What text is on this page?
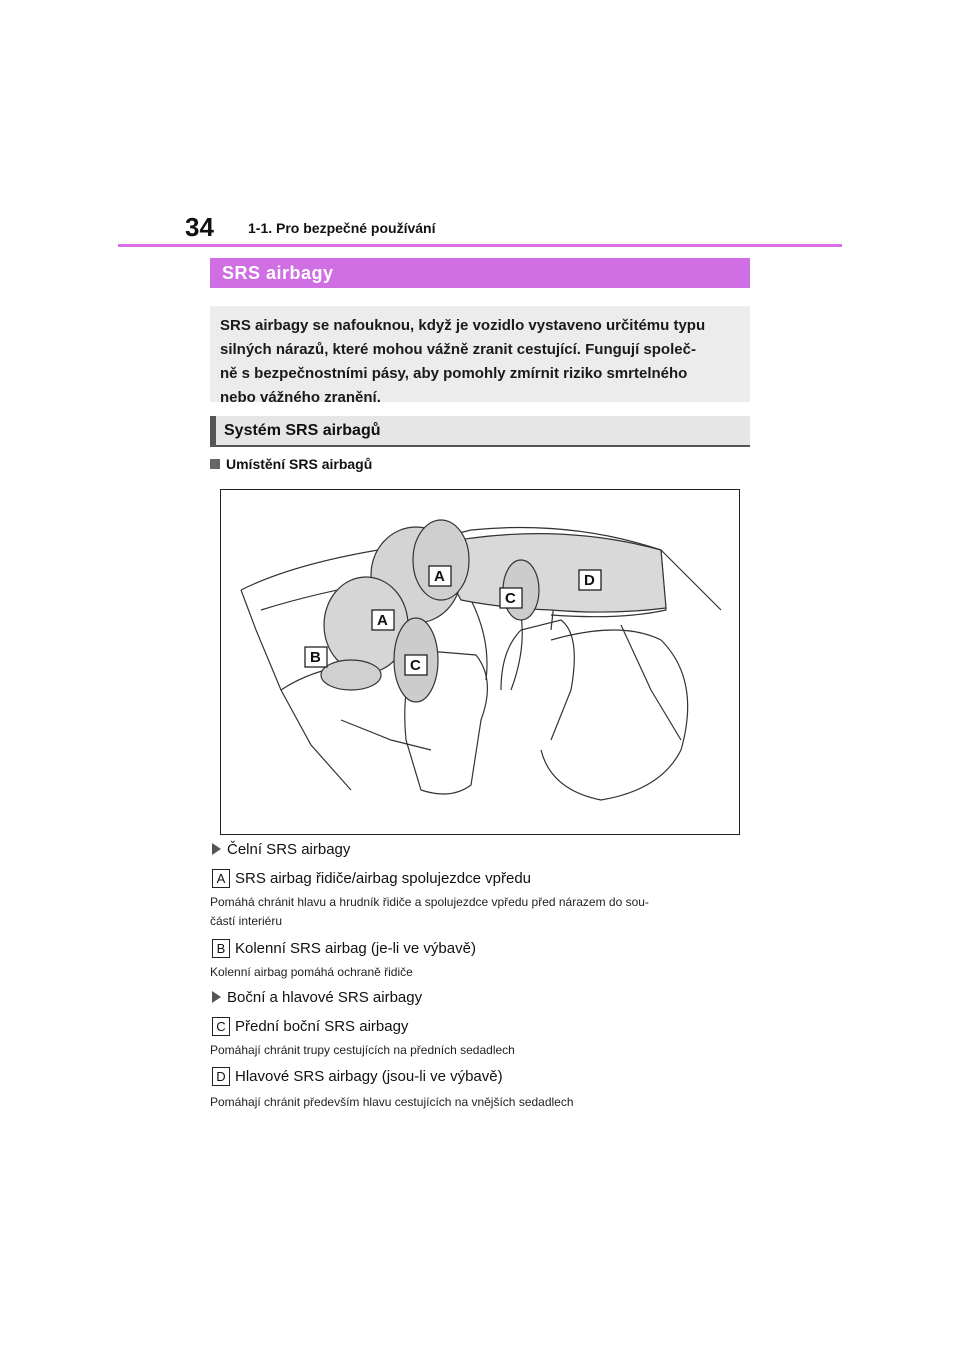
34 1-1. Pro bezpečné používání
SRS airbagy
SRS airbagy se nafouknou, když je vozidlo vystaveno určitému typu
silných nárazů, které mohou vážně zranit cestující. Fungují společ-
ně s bezpečnostními pásy, aby pomohly zmírnit riziko smrtelného
nebo vážného zranění.
Systém SRS airbagů
Umístění SRS airbagů
A
A
B
C
C
D
Čelní SRS airbagy
A SRS airbag řidiče/airbag spolujezdce vpředu
Pomáhá chránit hlavu a hrudník řidiče a spolujezdce vpředu před nárazem do sou-
částí interiéru
B Kolenní SRS airbag (je-li ve výbavě)
Kolenní airbag pomáhá ochraně řidiče
Boční a hlavové SRS airbagy
C Přední boční SRS airbagy
Pomáhají chránit trupy cestujících na předních sedadlech
D Hlavové SRS airbagy (jsou-li ve výbavě)
Pomáhají chránit především hlavu cestujících na vnějších sedadlech
